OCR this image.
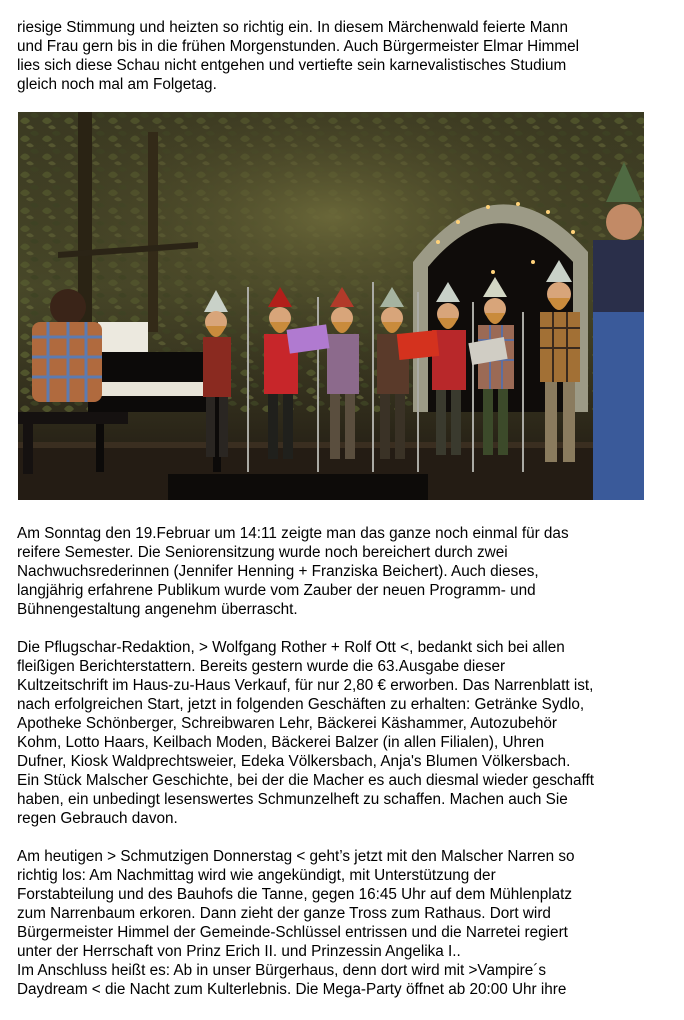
riesige Stimmung und heizten so richtig ein. In diesem Märchenwald feierte Mann
und Frau gern bis in die frühen Morgenstunden. Auch Bürgermeister Elmar Himmel
lies sich diese Schau nicht entgehen und vertiefte sein karnevalistisches Studium
gleich noch mal am Folgetag.

Am Sonntag den 19.Februar um 14:11 zeigte man das ganze noch einmal für das
reifere Semester. Die Seniorensitzung wurde noch bereichert durch zwei
Nachwuchsrederinnen (Jennifer Henning + Franziska Beichert). Auch dieses,
langjährig erfahrene Publikum wurde vom Zauber der neuen Programm- und
Bühnengestaltung angenehm überrascht.

Die Pflugschar-Redaktion, > Wolfgang Rother + Rolf Ott <, bedankt sich bei allen
fleißigen Berichterstattern. Bereits gestern wurde die 63.Ausgabe dieser
Kultzeitschrift im Haus-zu-Haus Verkauf, für nur 2,80 € erworben. Das Narrenblatt ist,
nach erfolgreichen Start, jetzt in folgenden Geschäften zu erhalten: Getränke Sydlo,
Apotheke Schönberger, Schreibwaren Lehr, Bäckerei Käshammer, Autozubehör
Kohm, Lotto Haars, Keilbach Moden, Bäckerei Balzer (in allen Filialen), Uhren
Dufner, Kiosk Waldprechtsweier, Edeka Völkersbach, Anja's Blumen Völkersbach.
Ein Stück Malscher Geschichte, bei der die Macher es auch diesmal wieder geschafft
haben, ein unbedingt lesenswertes Schmunzelheft zu schaffen. Machen auch Sie
regen Gebrauch davon.

Am heutigen > Schmutzigen Donnerstag < geht’s jetzt mit den Malscher Narren so
richtig los: Am Nachmittag wird wie angekündigt, mit Unterstützung der
Forstabteilung und des Bauhofs die Tanne, gegen 16:45 Uhr auf dem Mühlenplatz
zum Narrenbaum erkoren. Dann zieht der ganze Tross zum Rathaus. Dort wird
Bürgermeister Himmel der Gemeinde-Schlüssel entrissen und die Narretei regiert
unter der Herrschaft von Prinz Erich II. und Prinzessin Angelika I..
Im Anschluss heißt es: Ab in unser Bürgerhaus, denn dort wird mit >Vampire´s
Daydream < die Nacht zum Kulterlebnis. Die Mega-Party öffnet ab 20:00 Uhr ihre
